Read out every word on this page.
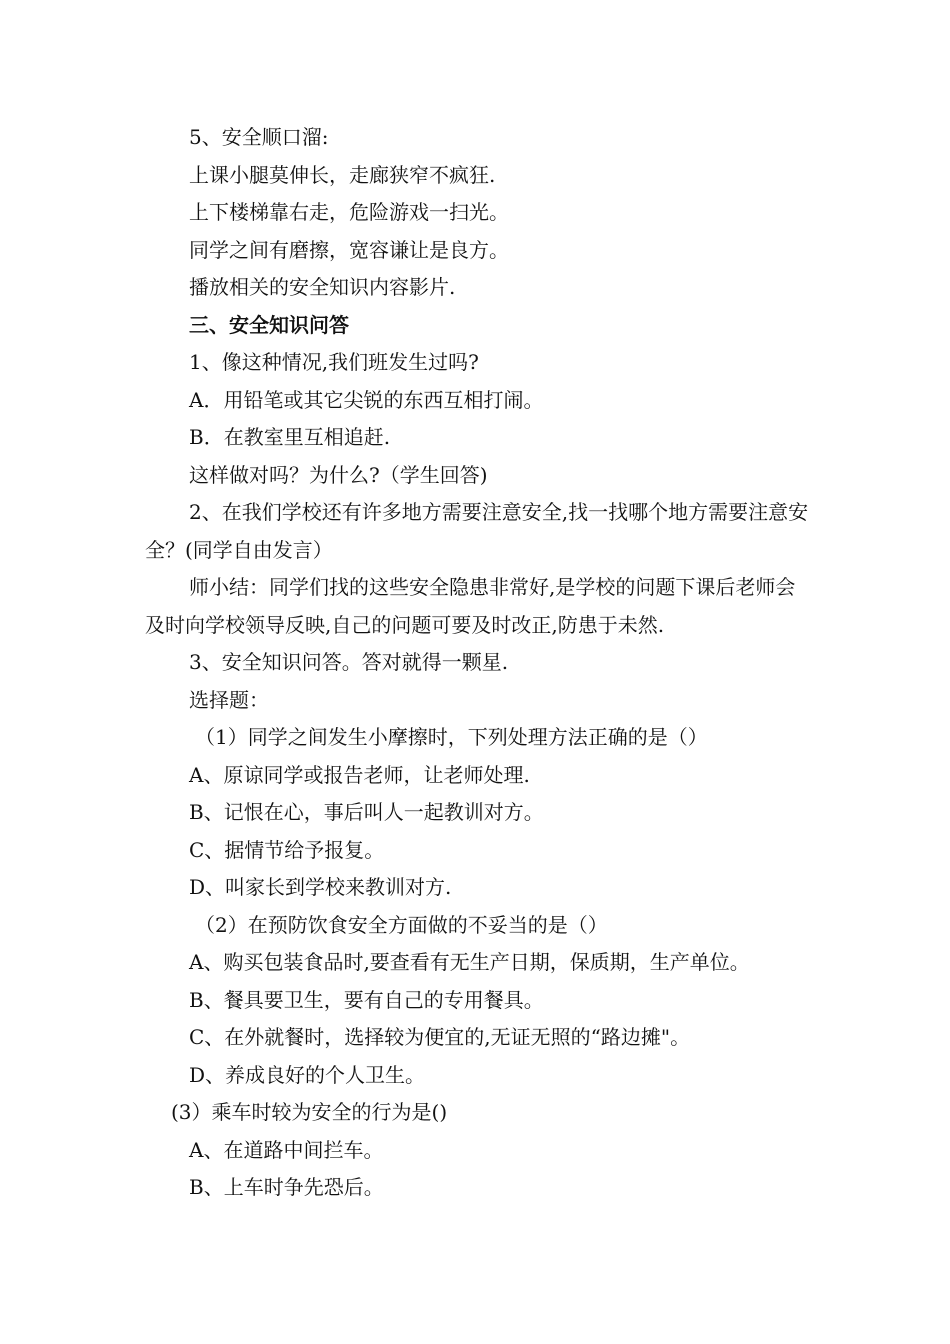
5、安全顺口溜:

上课小腿莫伸长，走廊狭窄不疯狂.

上下楼梯靠右走，危险游戏一扫光。

同学之间有磨擦，宽容谦让是良方。

播放相关的安全知识内容影片.

三、安全知识问答

1、像这种情况,我们班发生过吗?

A．用铅笔或其它尖锐的东西互相打闹。

B．在教室里互相追赶.

这样做对吗？为什么?（学生回答)

2、在我们学校还有许多地方需要注意安全,找一找哪个地方需要注意安全？(同学自由发言）

师小结：同学们找的这些安全隐患非常好,是学校的问题下课后老师会及时向学校领导反映,自己的问题可要及时改正,防患于未然.

3、安全知识问答。答对就得一颗星.

选择题：

（1）同学之间发生小摩擦时，下列处理方法正确的是（）

A、原谅同学或报告老师，让老师处理.

B、记恨在心，事后叫人一起教训对方。

C、据情节给予报复。

D、叫家长到学校来教训对方.

（2）在预防饮食安全方面做的不妥当的是（）

A、购买包装食品时,要查看有无生产日期，保质期，生产单位。

B、餐具要卫生，要有自己的专用餐具。

C、在外就餐时，选择较为便宜的,无证无照的“路边摊"。

D、养成良好的个人卫生。

(3）乘车时较为安全的行为是()

A、在道路中间拦车。

B、上车时争先恐后。
